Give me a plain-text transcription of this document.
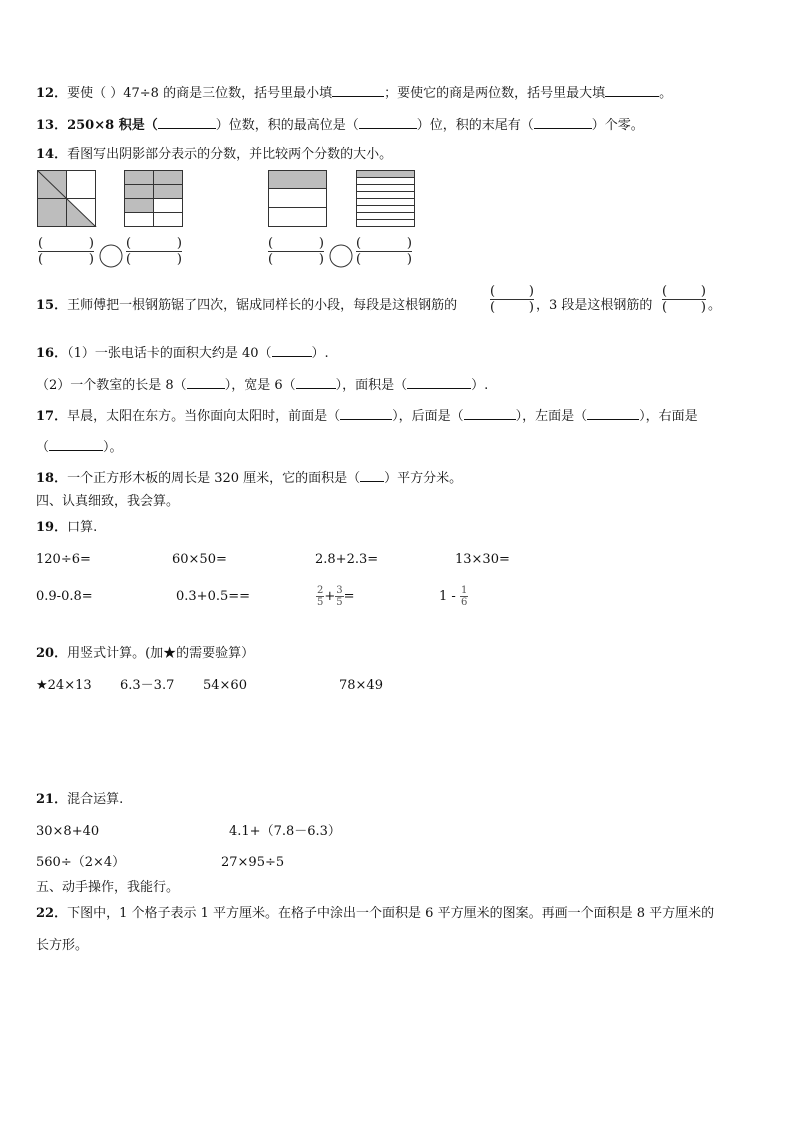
12．要使（ ）47÷8 的商是三位数，括号里最小填	；要使它的商是两位数，括号里最大填	。
13．250×8 积是（	）位数，积的最高位是（	）位，积的末尾有（	）个零。
14．看图写出阴影部分表示的分数，并比较两个分数的大小。
(	)
(	)
(	)
(	)
(	)
(	)
(	)
(	)
15．王师傅把一根钢筋锯了四次，锯成同样长的小段，每段是这根钢筋的
(	)
(	) ，3 段是这根钢筋的
(	)
(	) 。
16．（1）一张电话卡的面积大约是 40（	）.
（2）一个教室的长是 8（	），宽是 6（	），面积是（	）.
17．早晨，太阳在东方。当你面向太阳时，前面是（	），后面是（	），左面是（	），右面是
（	）。
18．一个正方形木板的周长是 320 厘米，它的面积是（ ）平方分米。
四、认真细致，我会算。
19．口算.
120÷6=	60×50=	2.8+2.3=	13×30=
0.9-0.8=	0.3+0.5==	$\frac{2}{5} + \frac{3}{5}$ =	$1 - \frac{1}{6}$
20．用竖式计算。(加★的需要验算）
★24×13 6.3－3.7 54×60	78×49
21．混合运算.
30×8+40	4.1+（7.8－6.3）
560÷（2×4）	27×95÷5
五、动手操作，我能行。
22．下图中，1 个格子表示 1 平方厘米。在格子中涂出一个面积是 6 平方厘米的图案。再画一个面积是 8 平方厘米的
长方形。
